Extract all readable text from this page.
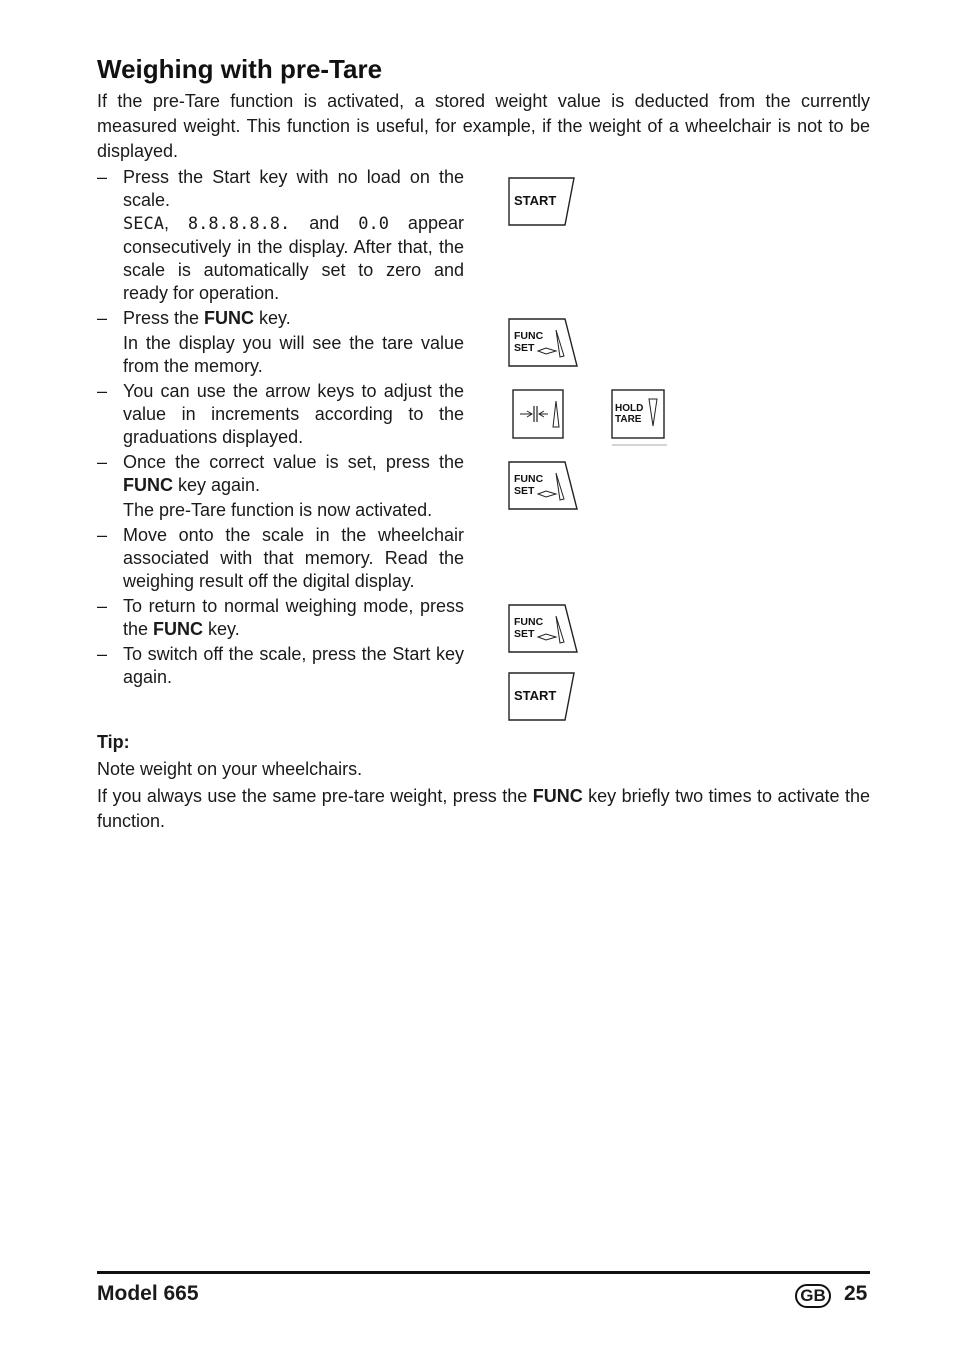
Weighing with pre-Tare

If the pre-Tare function is activated, a stored weight value is deducted from the currently measured weight. This function is useful, for example, if the weight of a wheelchair is not to be displayed.

– Press the Start key with no load on the scale.

SECA, 8.8.8.8.8. and 0.0 appear consecutively in the display. After that, the scale is automatically set to zero and ready for operation.

– Press the FUNC key.

In the display you will see the tare value from the memory.

– You can use the arrow keys to adjust the value in increments according to the graduations displayed.

– Once the correct value is set, press the FUNC key again.

The pre-Tare function is now activated.

– Move onto the scale in the wheelchair associated with that memory. Read the weighing result off the digital display.

– To return to normal weighing mode, press the FUNC key.

– To switch off the scale, press the Start key again.

START
FUNC
SET
HOLD
TARE
FUNC
SET
FUNC
SET
START
Tip:
Note weight on your wheelchairs.

If you always use the same pre-tare weight, press the FUNC key briefly two times to activate the function.

Model 665	GB 25
